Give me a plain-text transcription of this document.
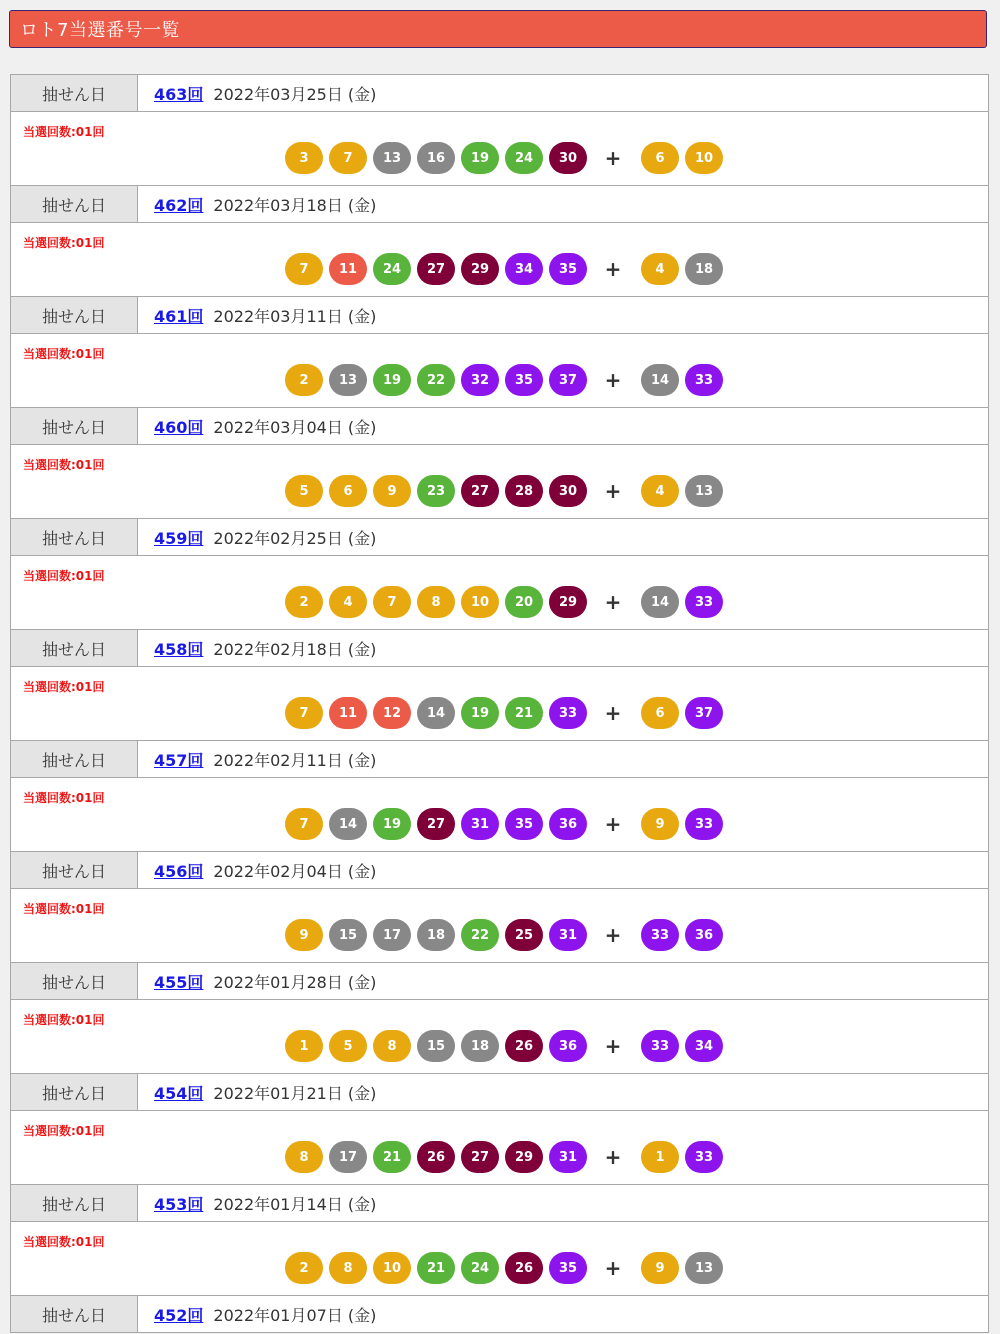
ロト7当選番号一覧
抽せん日	463回 2022年03月25日 (金)
当選回数:01回
3	7	13	16	19	24	30	+	6	10
抽せん日	462回 2022年03月18日 (金)
当選回数:01回
7	11	24	27	29	34	35	+	4	18
抽せん日	461回 2022年03月11日 (金)
当選回数:01回
2	13	19	22	32	35	37	+	14	33
抽せん日	460回 2022年03月04日 (金)
当選回数:01回
5	6	9	23	27	28	30	+	4	13
抽せん日	459回 2022年02月25日 (金)
当選回数:01回
2	4	7	8	10	20	29	+	14	33
抽せん日	458回 2022年02月18日 (金)
当選回数:01回
7	11	12	14	19	21	33	+	6	37
抽せん日	457回 2022年02月11日 (金)
当選回数:01回
7	14	19	27	31	35	36	+	9	33
抽せん日	456回 2022年02月04日 (金)
当選回数:01回
9	15	17	18	22	25	31	+	33	36
抽せん日	455回 2022年01月28日 (金)
当選回数:01回
1	5	8	15	18	26	36	+	33	34
抽せん日	454回 2022年01月21日 (金)
当選回数:01回
8	17	21	26	27	29	31	+	1	33
抽せん日	453回 2022年01月14日 (金)
当選回数:01回
2	8	10	21	24	26	35	+	9	13
抽せん日	452回 2022年01月07日 (金)
